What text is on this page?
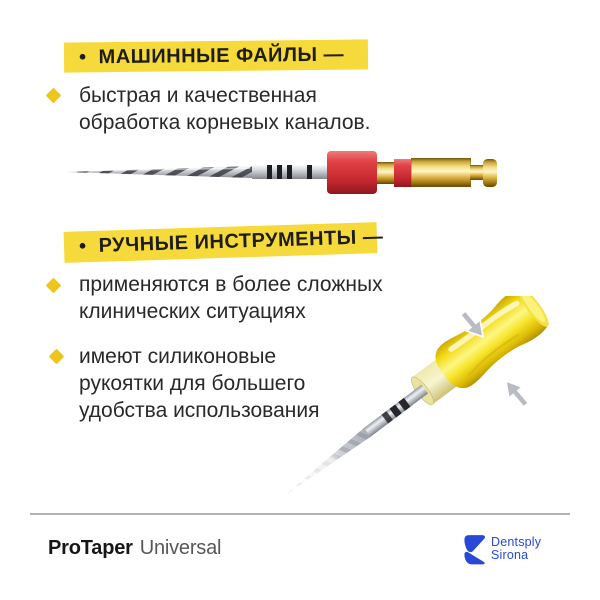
•  МАШИННЫЕ ФАЙЛЫ —
быстрая и качественная
обработка корневых каналов.
•  РУЧНЫЕ ИНСТРУМЕНТЫ —
применяются в более сложных
клинических ситуациях
имеют силиконовые
рукоятки для большего
удобства использования
ProTaper Universal	Dentsply
Sirona
